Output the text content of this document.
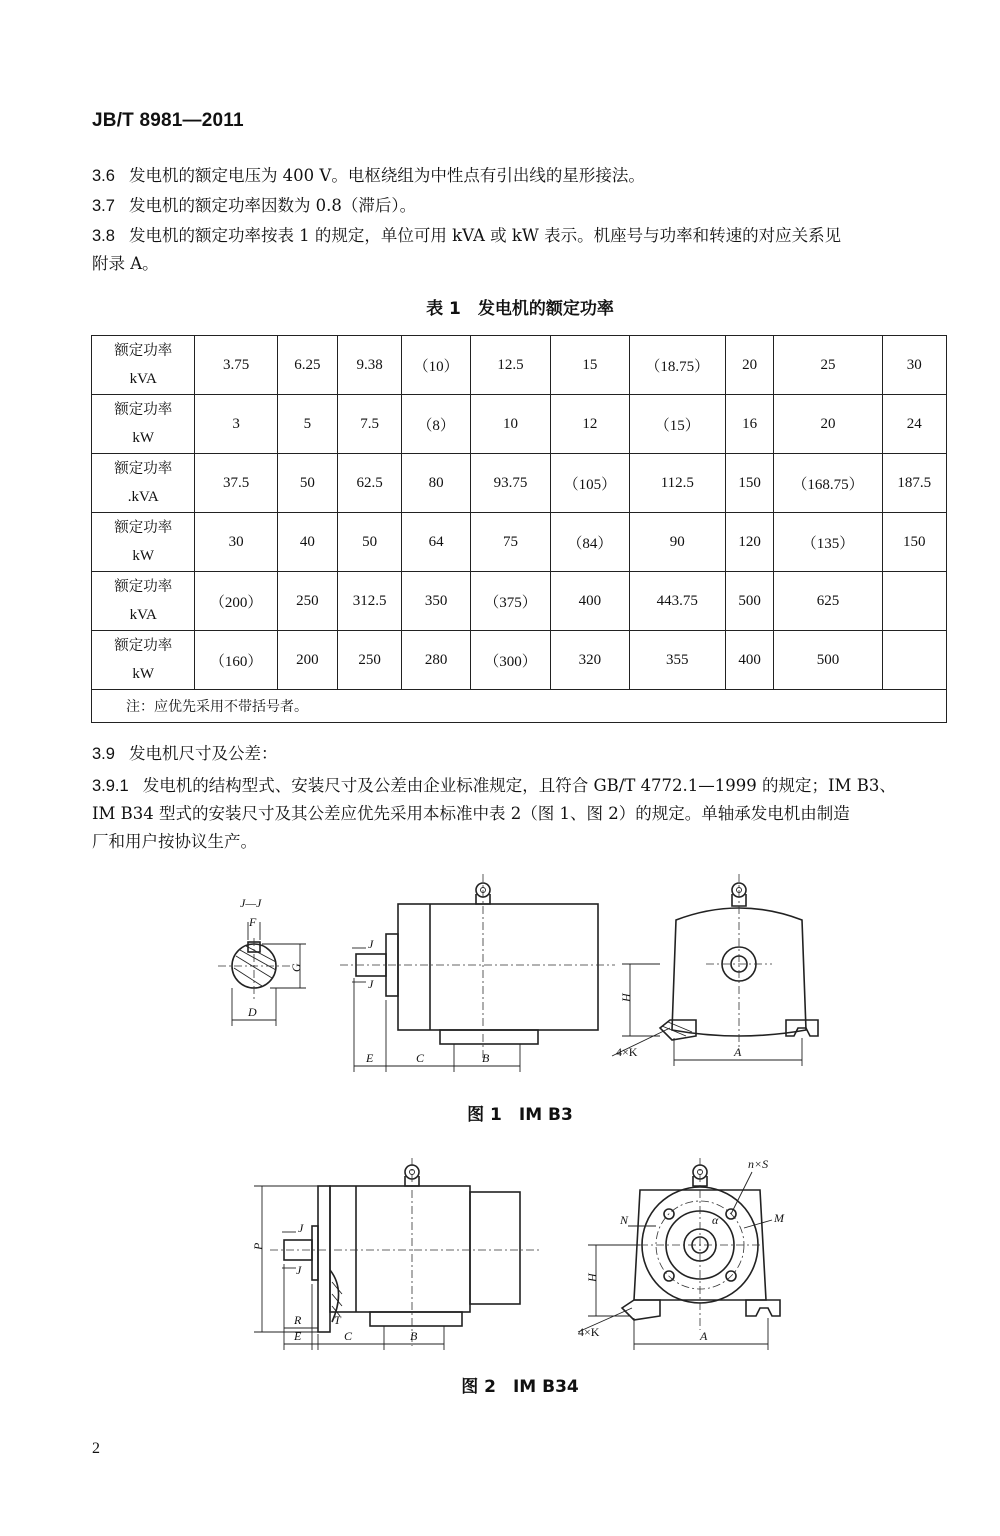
JB/T 8981—2011
3.6 发电机的额定电压为 400 V。电枢绕组为中性点有引出线的星形接法。
3.7 发电机的额定功率因数为 0.8（滞后）。
3.8 发电机的额定功率按表 1 的规定，单位可用 kVA 或 kW 表示。机座号与功率和转速的对应关系见
附录 A。
表 1　发电机的额定功率
额定功率
kVA	3.75	6.25	9.38	（10）	12.5	15	（18.75）	20	25	30

额定功率
kW	3	5	7.5	（8）	10	12	（15）	16	20	24

额定功率
.kVA	37.5	50	62.5	80	93.75	（105）	112.5	150	（168.75）	187.5

额定功率
kW	30	40	50	64	75	（84）	90	120	（135）	150

额定功率
kVA	（200）	250	312.5	350	（375）	400	443.75	500	625	

额定功率
kW	（160）	200	250	280	（300）	320	355	400	500	
注：应优先采用不带括号者。										
3.9 发电机尺寸及公差：
3.9.1 发电机的结构型式、安装尺寸及公差由企业标准规定，且符合 GB/T 4772.1—1999 的规定；IM B3、
IM B34 型式的安装尺寸及其公差应优先采用本标准中表 2（图 1、图 2）的规定。单轴承发电机由制造
厂和用户按协议生产。
J—J
F
G
D
J
J
E	C	B
H
4×K	A
图 1　IM B3
P
J
J
R	T
E	C	B
n×S
N	M
α
H
4×K	A
图 2　IM B34
2
